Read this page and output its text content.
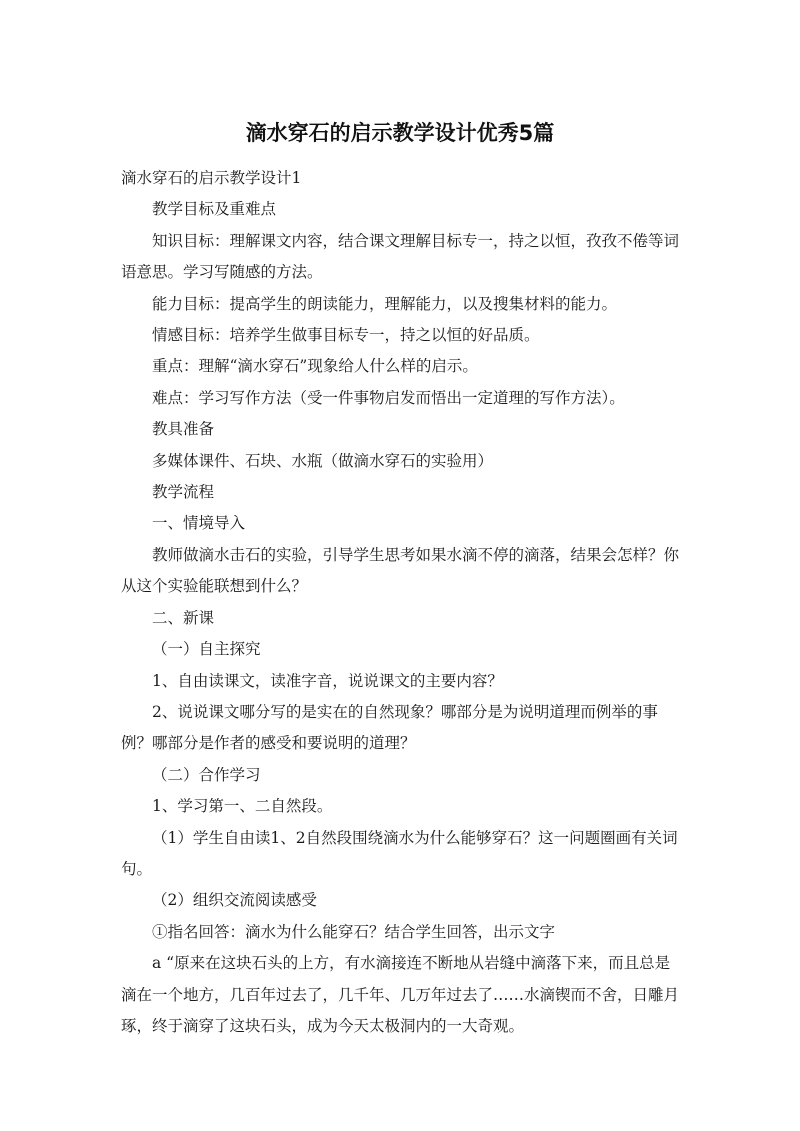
滴水穿石的启示教学设计优秀5篇

滴水穿石的启示教学设计1

教学目标及重难点

知识目标：理解课文内容，结合课文理解目标专一，持之以恒，孜孜不倦等词语意思。学习写随感的方法。

能力目标：提高学生的朗读能力，理解能力，以及搜集材料的能力。

情感目标：培养学生做事目标专一，持之以恒的好品质。

重点：理解“滴水穿石”现象给人什么样的启示。

难点：学习写作方法（受一件事物启发而悟出一定道理的写作方法）。

教具准备

多媒体课件、石块、水瓶（做滴水穿石的实验用）

教学流程

一、情境导入

教师做滴水击石的实验，引导学生思考如果水滴不停的滴落，结果会怎样？你从这个实验能联想到什么？

二、新课

（一）自主探究

1、自由读课文，读准字音，说说课文的主要内容？

2、说说课文哪分写的是实在的自然现象？哪部分是为说明道理而例举的事例？哪部分是作者的感受和要说明的道理？

（二）合作学习

1、学习第一、二自然段。

（1）学生自由读1、2自然段围绕滴水为什么能够穿石？这一问题圈画有关词句。

（2）组织交流阅读感受

①指名回答：滴水为什么能穿石？结合学生回答，出示文字

a “原来在这块石头的上方，有水滴接连不断地从岩缝中滴落下来，而且总是滴在一个地方，几百年过去了，几千年、几万年过去了……水滴锲而不舍，日雕月琢，终于滴穿了这块石头，成为今天太极洞内的一大奇观。
